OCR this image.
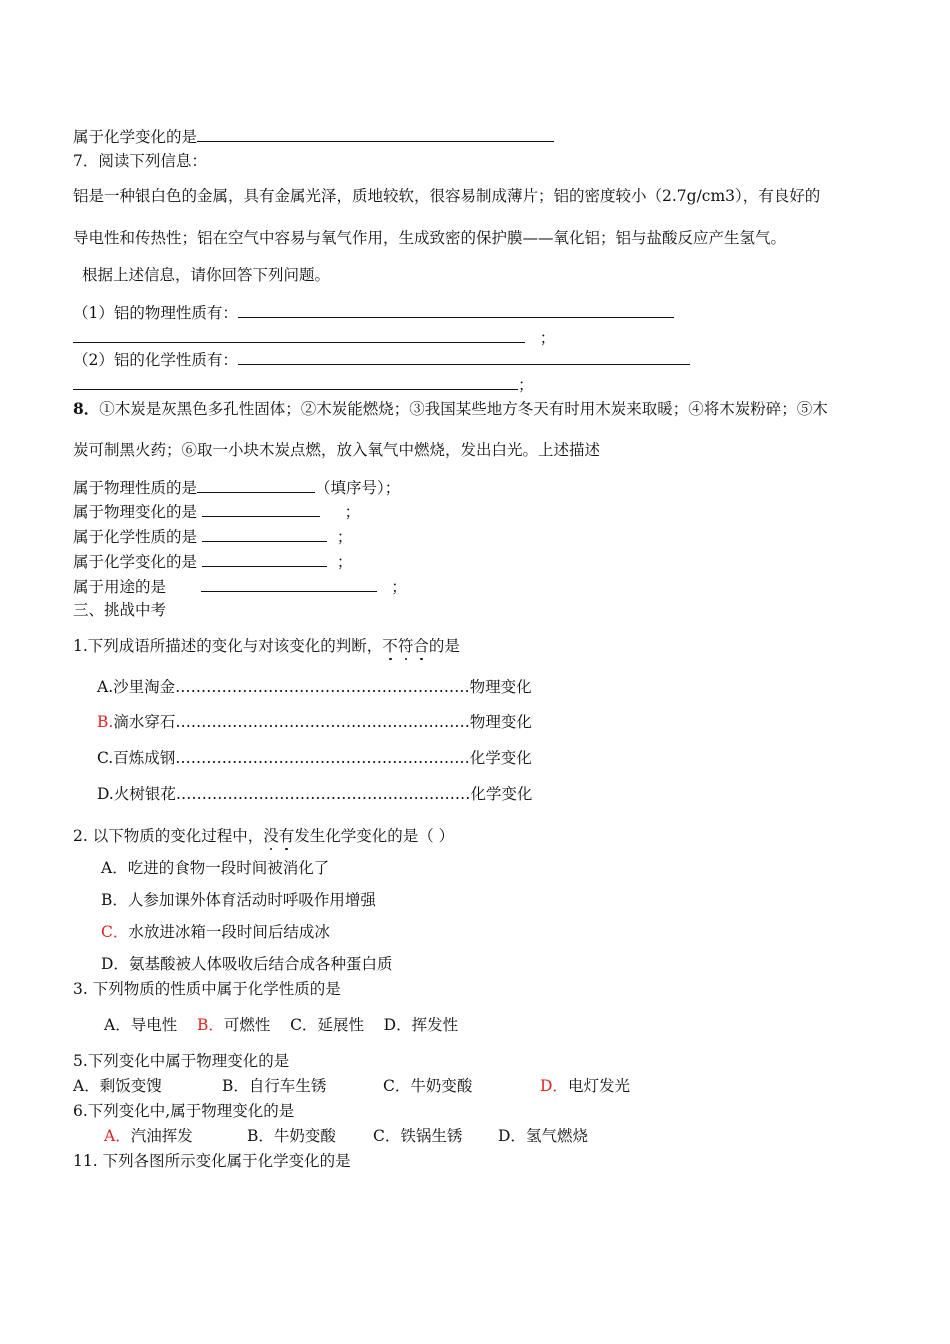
属于化学变化的是
7．阅读下列信息：
铝是一种银白色的金属，具有金属光泽，质地较软，很容易制成薄片；铝的密度较小（2.7g/cm3），有良好的
导电性和传热性；铝在空气中容易与氧气作用，生成致密的保护膜——氧化铝；铝与盐酸反应产生氢气。
根据上述信息，请你回答下列问题。
（1）铝的物理性质有：
；
（2）铝的化学性质有：
；
8．①木炭是灰黑色多孔性固体；②木炭能燃烧；③我国某些地方冬天有时用木炭来取暖；④将木炭粉碎；⑤木
炭可制黑火药；⑥取一小块木炭点燃，放入氧气中燃烧，发出白光。上述描述
属于物理性质的是	（填序号）；
属于物理变化的是	；
属于化学性质的是	；
属于化学变化的是	；
属于用途的是	；
三、挑战中考
1.下列成语所描述的变化与对该变化的判断，不符合的是
A.沙里淘金…………………………………………………物理变化
B.滴水穿石…………………………………………………物理变化
C.百炼成钢…………………………………………………化学变化
D.火树银花…………………………………………………化学变化
2. 以下物质的变化过程中，没有发生化学变化的是（ ）
A．吃进的食物一段时间被消化了
B．人参加课外体育活动时呼吸作用增强
C．水放进冰箱一段时间后结成冰
D．氨基酸被人体吸收后结合成各种蛋白质
3. 下列物质的性质中属于化学性质的是
A．导电性 B．可燃性 C．延展性 D．挥发性
5.下列变化中属于物理变化的是
A．剩饭变馊	B．自行车生锈	C．牛奶变酸	D．电灯发光
6.下列变化中,属于物理变化的是
A．汽油挥发	B．牛奶变酸 C．铁锅生锈 D．氢气燃烧
11. 下列各图所示变化属于化学变化的是
